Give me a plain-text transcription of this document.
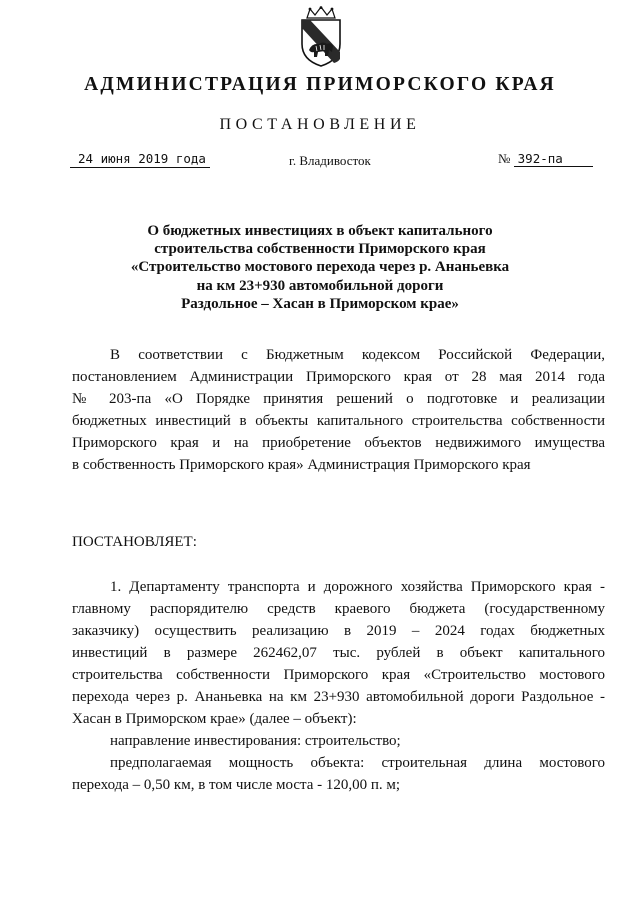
АДМИНИСТРАЦИЯ ПРИМОРСКОГО КРАЯ
ПОСТАНОВЛЕНИЕ
24 июня 2019 года	г. Владивосток	№ 392-па
О бюджетных инвестициях в объект капитального
строительства собственности Приморского края
«Строительство мостового перехода через р. Ананьевка
на км 23+930 автомобильной дороги
Раздольное – Хасан в Приморском крае»
В соответствии с Бюджетным кодексом Российской Федерации,
постановлением Администрации Приморского края от 28 мая 2014 года
№ 203-па «О Порядке принятия решений о подготовке и реализации
бюджетных инвестиций в объекты капитального строительства собственности
Приморского края и на приобретение объектов недвижимого имущества
в собственность Приморского края» Администрация Приморского края
ПОСТАНОВЛЯЕТ:
1. Департаменту транспорта и дорожного хозяйства Приморского края -
главному распорядителю средств краевого бюджета (государственному
заказчику) осуществить реализацию в 2019 – 2024 годах бюджетных
инвестиций в размере 262462,07 тыс. рублей в объект капитального
строительства собственности Приморского края «Строительство мостового
перехода через р. Ананьевка на км 23+930 автомобильной дороги Раздольное -
Хасан в Приморском крае» (далее – объект):
направление инвестирования: строительство;
предполагаемая мощность объекта: строительная длина мостового
перехода – 0,50 км, в том числе моста - 120,00 п. м;
